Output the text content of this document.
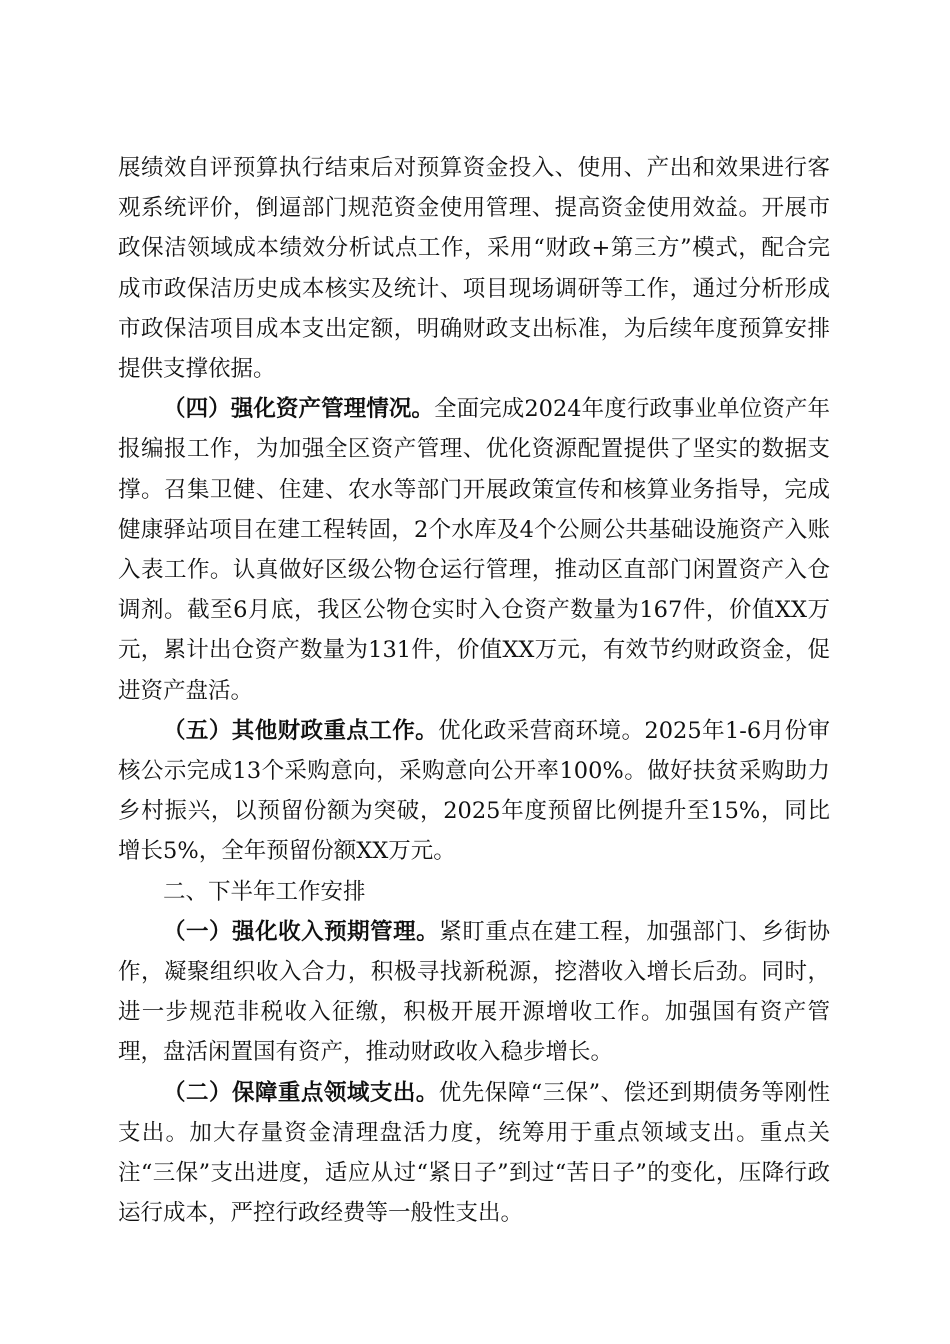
展绩效自评预算执行结束后对预算资金投入、使用、产出和效果进行客观系统评价，倒逼部门规范资金使用管理、提高资金使用效益。开展市政保洁领域成本绩效分析试点工作，采用“财政+第三方”模式，配合完成市政保洁历史成本核实及统计、项目现场调研等工作，通过分析形成市政保洁项目成本支出定额，明确财政支出标准，为后续年度预算安排提供支撑依据。

（四）强化资产管理情况。全面完成2024年度行政事业单位资产年报编报工作，为加强全区资产管理、优化资源配置提供了坚实的数据支撑。召集卫健、住建、农水等部门开展政策宣传和核算业务指导，完成健康驿站项目在建工程转固，2个水库及4个公厕公共基础设施资产入账入表工作。认真做好区级公物仓运行管理，推动区直部门闲置资产入仓调剂。截至6月底，我区公物仓实时入仓资产数量为167件，价值XX万元，累计出仓资产数量为131件，价值XX万元，有效节约财政资金，促进资产盘活。

（五）其他财政重点工作。优化政采营商环境。2025年1-6月份审核公示完成13个采购意向，采购意向公开率100%。做好扶贫采购助力乡村振兴，以预留份额为突破，2025年度预留比例提升至15%，同比增长5%，全年预留份额XX万元。

二、下半年工作安排

（一）强化收入预期管理。紧盯重点在建工程，加强部门、乡街协作，凝聚组织收入合力，积极寻找新税源，挖潜收入增长后劲。同时，进一步规范非税收入征缴，积极开展开源增收工作。加强国有资产管理，盘活闲置国有资产，推动财政收入稳步增长。

（二）保障重点领域支出。优先保障“三保”、偿还到期债务等刚性支出。加大存量资金清理盘活力度，统筹用于重点领域支出。重点关注“三保”支出进度，适应从过“紧日子”到过“苦日子”的变化，压降行政运行成本，严控行政经费等一般性支出。
